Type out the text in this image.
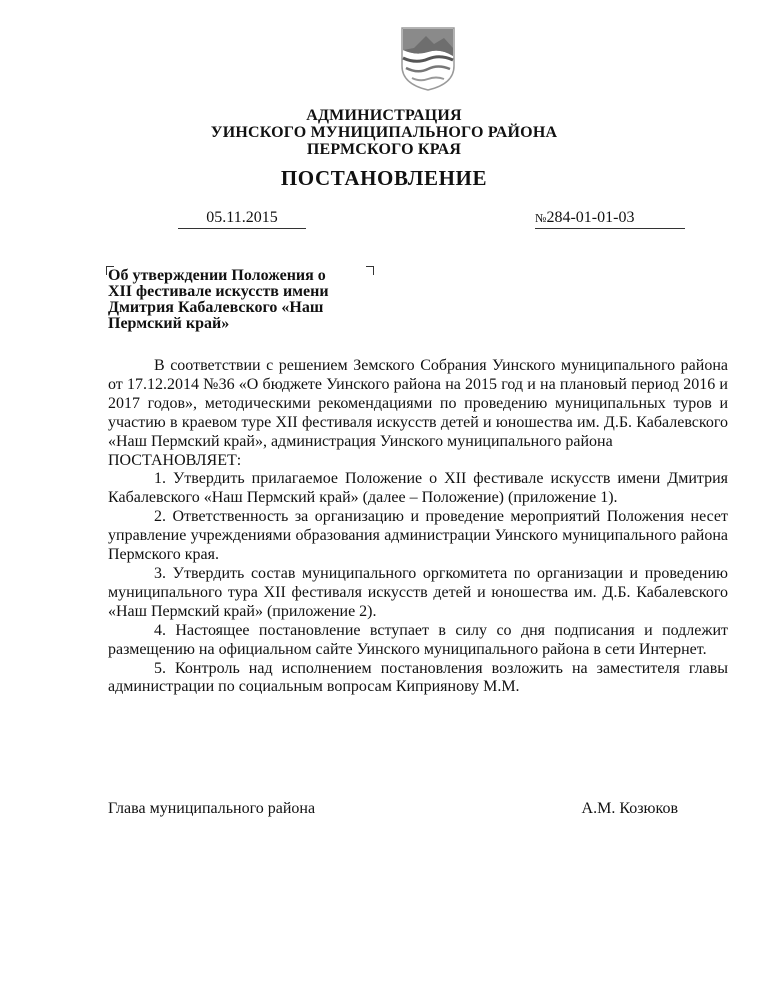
АДМИНИСТРАЦИЯ
УИНСКОГО МУНИЦИПАЛЬНОГО РАЙОНА
ПЕРМСКОГО КРАЯ
ПОСТАНОВЛЕНИЕ
05.11.2015	№284-01-01-03
Об утверждении Положения о
XII фестивале искусств имени
Дмитрия Кабалевского «Наш
Пермский край»

В соответствии с решением Земского Собрания Уинского муниципального района от 17.12.2014 №36 «О бюджете Уинского района на 2015 год и на плановый период 2016 и 2017 годов», методическими рекомендациями по проведению муниципальных туров и участию в краевом туре XII фестиваля искусств детей и юношества им. Д.Б. Кабалевского «Наш Пермский край», администрация Уинского муниципального района

ПОСТАНОВЛЯЕТ:

1. Утвердить прилагаемое Положение о XII фестивале искусств имени Дмитрия Кабалевского «Наш Пермский край» (далее – Положение) (приложение 1).

2. Ответственность за организацию и проведение мероприятий Положения несет управление учреждениями образования администрации Уинского муниципального района Пермского края.

3. Утвердить состав муниципального оргкомитета по организации и проведению муниципального тура XII фестиваля искусств детей и юношества им. Д.Б. Кабалевского «Наш Пермский край» (приложение 2).

4. Настоящее постановление вступает в силу со дня подписания и подлежит размещению на официальном сайте Уинского муниципального района в сети Интернет.

5. Контроль над исполнением постановления возложить на заместителя главы администрации по социальным вопросам Киприянову М.М.

Глава муниципального района	А.М. Козюков
